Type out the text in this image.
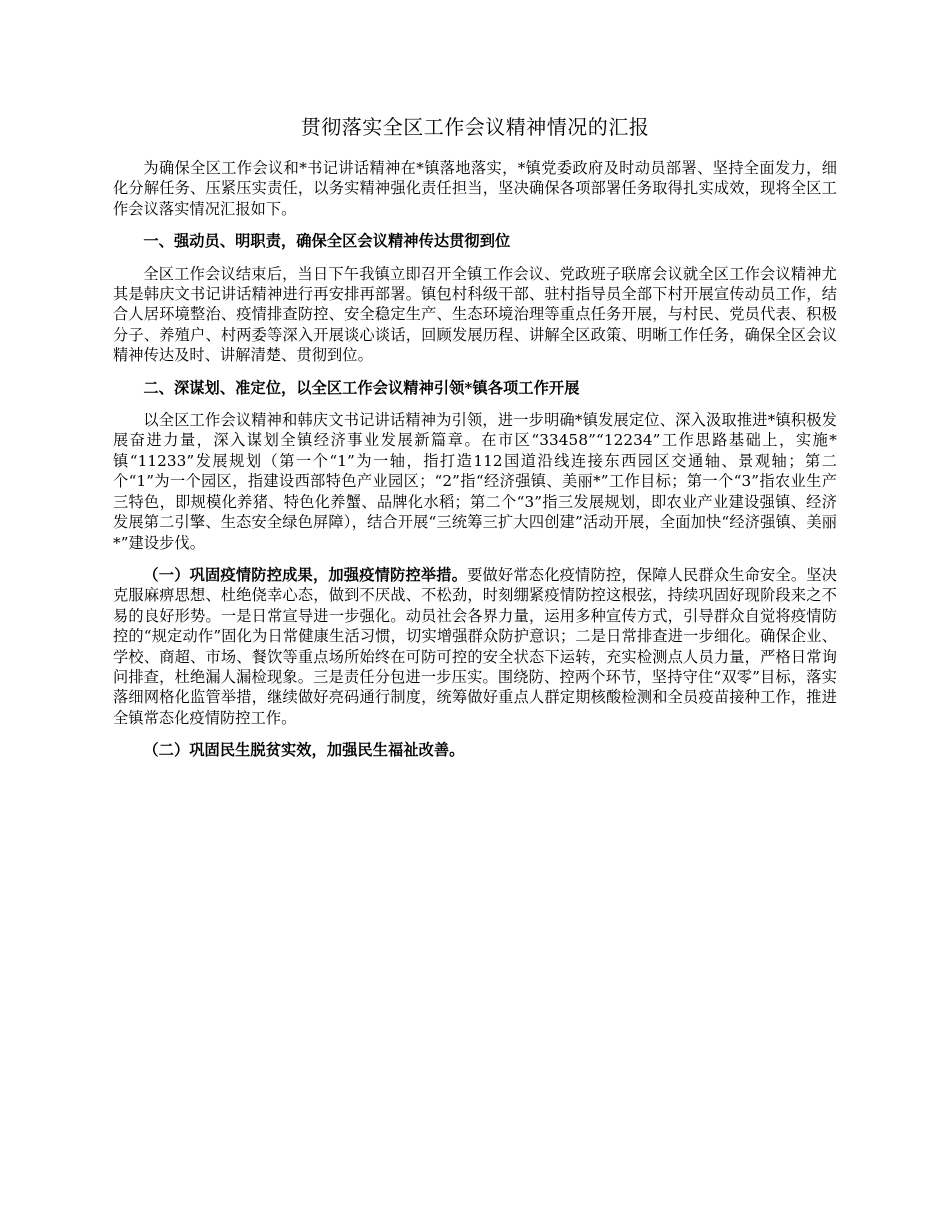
贯彻落实全区工作会议精神情况的汇报

为确保全区工作会议和*书记讲话精神在*镇落地落实，*镇党委政府及时动员部署、坚持全面发力，细化分解任务、压紧压实责任，以务实精神强化责任担当，坚决确保各项部署任务取得扎实成效，现将全区工作会议落实情况汇报如下。

一、强动员、明职责，确保全区会议精神传达贯彻到位

全区工作会议结束后，当日下午我镇立即召开全镇工作会议、党政班子联席会议就全区工作会议精神尤其是韩庆文书记讲话精神进行再安排再部署。镇包村科级干部、驻村指导员全部下村开展宣传动员工作，结合人居环境整治、疫情排查防控、安全稳定生产、生态环境治理等重点任务开展，与村民、党员代表、积极分子、养殖户、村两委等深入开展谈心谈话，回顾发展历程、讲解全区政策、明晰工作任务，确保全区会议精神传达及时、讲解清楚、贯彻到位。

二、深谋划、准定位，以全区工作会议精神引领*镇各项工作开展

以全区工作会议精神和韩庆文书记讲话精神为引领，进一步明确*镇发展定位、深入汲取推进*镇积极发展奋进力量，深入谋划全镇经济事业发展新篇章。在市区“33458”“12234”工作思路基础上，实施*镇“11233”发展规划（第一个“1”为一轴，指打造112国道沿线连接东西园区交通轴、景观轴；第二个“1”为一个园区，指建设西部特色产业园区；“2”指“经济强镇、美丽*”工作目标；第一个“3”指农业生产三特色，即规模化养猪、特色化养蟹、品牌化水稻；第二个“3”指三发展规划，即农业产业建设强镇、经济发展第二引擎、生态安全绿色屏障），结合开展“三统筹三扩大四创建”活动开展，全面加快“经济强镇、美丽*”建设步伐。

（一）巩固疫情防控成果，加强疫情防控举措。要做好常态化疫情防控，保障人民群众生命安全。坚决克服麻痹思想、杜绝侥幸心态，做到不厌战、不松劲，时刻绷紧疫情防控这根弦，持续巩固好现阶段来之不易的良好形势。一是日常宣导进一步强化。动员社会各界力量，运用多种宣传方式，引导群众自觉将疫情防控的“规定动作”固化为日常健康生活习惯，切实增强群众防护意识；二是日常排查进一步细化。确保企业、学校、商超、市场、餐饮等重点场所始终在可防可控的安全状态下运转，充实检测点人员力量，严格日常询问排查，杜绝漏人漏检现象。三是责任分包进一步压实。围绕防、控两个环节，坚持守住“双零”目标，落实落细网格化监管举措，继续做好亮码通行制度，统筹做好重点人群定期核酸检测和全员疫苗接种工作，推进全镇常态化疫情防控工作。

（二）巩固民生脱贫实效，加强民生福祉改善。
